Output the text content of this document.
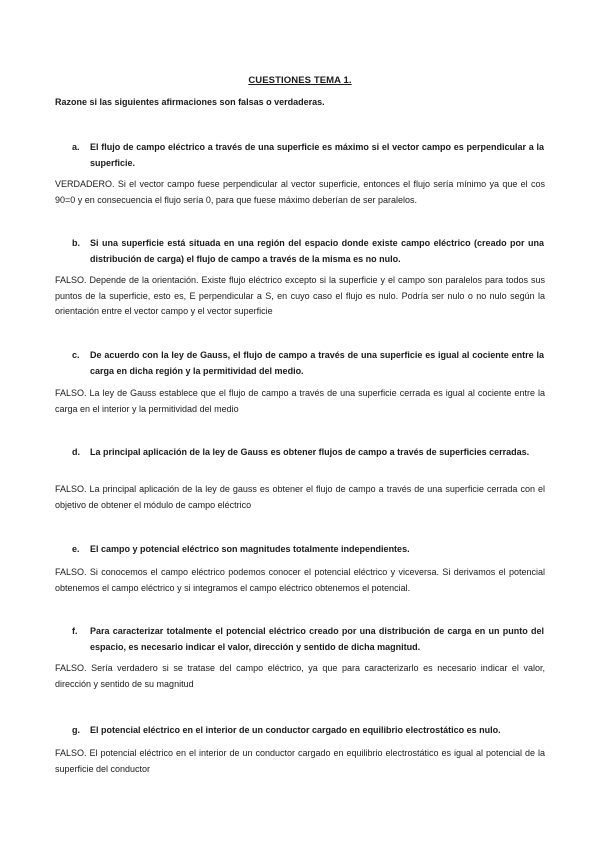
CUESTIONES TEMA 1.
Razone si las siguientes afirmaciones son falsas o verdaderas.
a.	El flujo de campo eléctrico a través de una superficie es máximo si el vector campo es perpendicular a la superficie.
VERDADERO. Si el vector campo fuese perpendicular al vector superficie, entonces el flujo sería mínimo ya que el cos 90=0 y en consecuencia el flujo sería 0, para que fuese máximo deberían de ser paralelos.
b.	Si una superficie está situada en una región del espacio donde existe campo eléctrico (creado por una distribución de carga) el flujo de campo a través de la misma es no nulo.
FALSO. Depende de la orientación. Existe flujo eléctrico excepto si la superficie y el campo son paralelos para todos sus puntos de la superficie, esto es, E perpendicular a S, en cuyo caso el flujo es nulo. Podría ser nulo o no nulo según la orientación entre el vector campo y el vector superficie
c.	De acuerdo con la ley de Gauss, el flujo de campo a través de una superficie es igual al cociente entre la carga en dicha región y la permitividad del medio.
FALSO. La ley de Gauss establece que el flujo de campo a través de una superficie cerrada es igual al cociente entre la carga en el interior y la permitividad del medio
d.	La principal aplicación de la ley de Gauss es obtener flujos de campo a través de superficies cerradas.
FALSO. La principal aplicación de la ley de gauss es obtener el flujo de campo a través de una superficie cerrada con el objetivo de obtener el módulo de campo eléctrico
e.	El campo y potencial eléctrico son magnitudes totalmente independientes.
FALSO. Si conocemos el campo eléctrico podemos conocer el potencial eléctrico y viceversa. Si derivamos el potencial obtenemos el campo eléctrico y si integramos el campo eléctrico obtenemos el potencial.
f.	Para caracterizar totalmente el potencial eléctrico creado por una distribución de carga en un punto del espacio, es necesario indicar el valor, dirección y sentido de dicha magnitud.
FALSO. Sería verdadero si se tratase del campo eléctrico, ya que para caracterizarlo es necesario indicar el valor, dirección y sentido de su magnitud
g.	El potencial eléctrico en el interior de un conductor cargado en equilibrio electrostático es nulo.
FALSO. El potencial eléctrico en el interior de un conductor cargado en equilibrio electrostático es igual al potencial de la superficie del conductor
